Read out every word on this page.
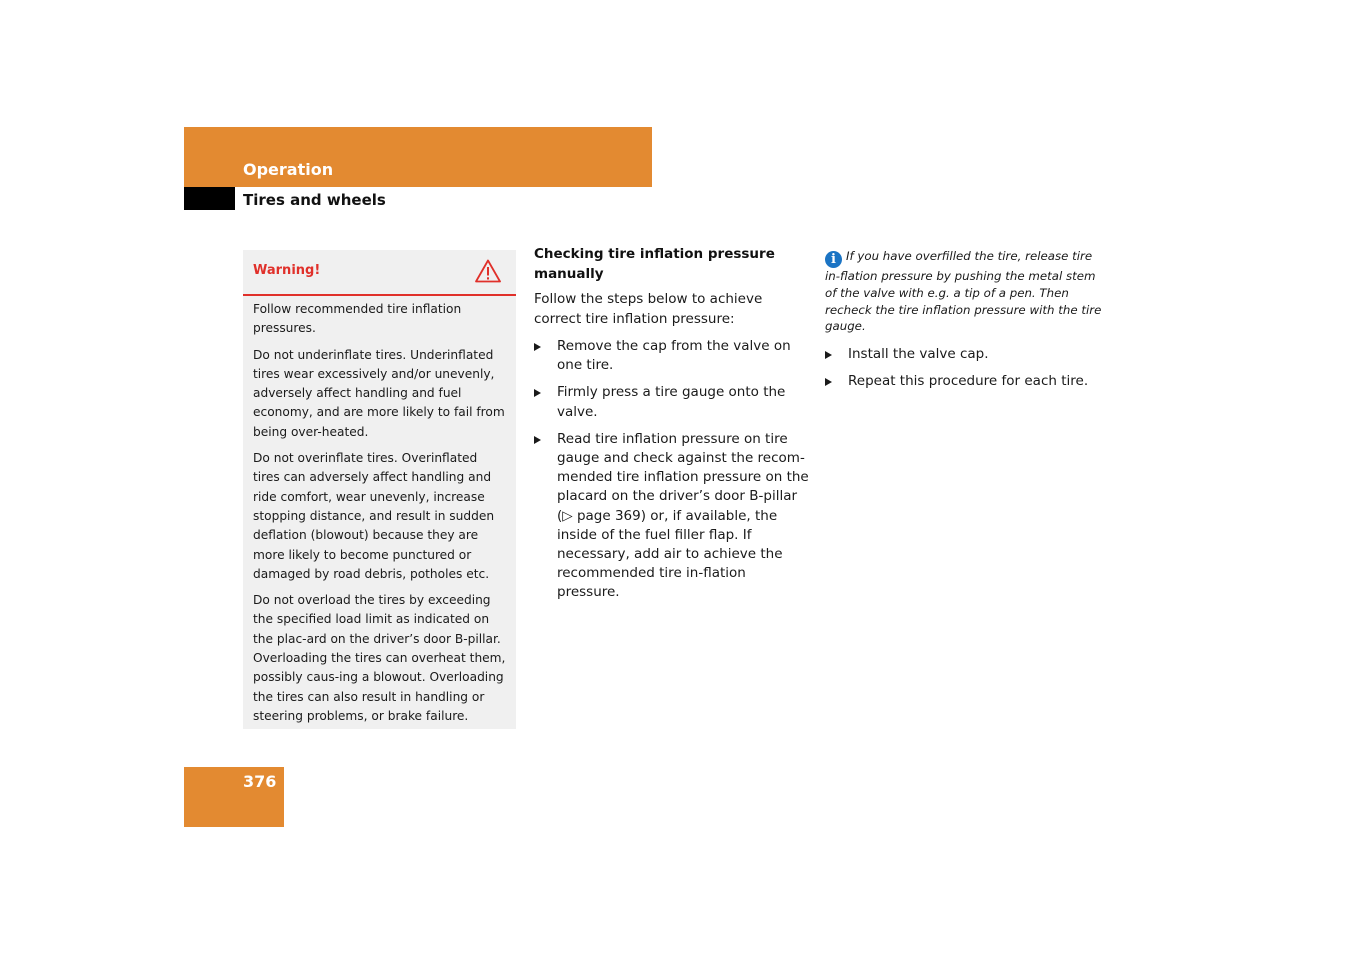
Operation
Tires and wheels
Warning!

Follow recommended tire inflation pressures.

Do not underinflate tires. Underinflated tires wear excessively and/or unevenly, adversely affect handling and fuel economy, and are more likely to fail from being over-heated.

Do not overinflate tires. Overinflated tires can adversely affect handling and ride comfort, wear unevenly, increase stopping distance, and result in sudden deflation (blowout) because they are more likely to become punctured or damaged by road debris, potholes etc.

Do not overload the tires by exceeding the specified load limit as indicated on the plac-ard on the driver’s door B-pillar. Overloading the tires can overheat them, possibly caus-ing a blowout. Overloading the tires can also result in handling or steering problems, or brake failure.

Checking tire inflation pressure manually

Follow the steps below to achieve correct tire inflation pressure:

Remove the cap from the valve on one tire.
Firmly press a tire gauge onto the valve.
Read tire inflation pressure on tire gauge and check against the recom-mended tire inflation pressure on the placard on the driver’s door B-pillar (▷ page 369) or, if available, the inside of the fuel filler flap. If necessary, add air to achieve the recommended tire in-flation pressure.

i If you have overfilled the tire, release tire in-flation pressure by pushing the metal stem of the valve with e.g. a tip of a pen. Then recheck the tire inflation pressure with the tire gauge.

Install the valve cap.
Repeat this procedure for each tire.
376
